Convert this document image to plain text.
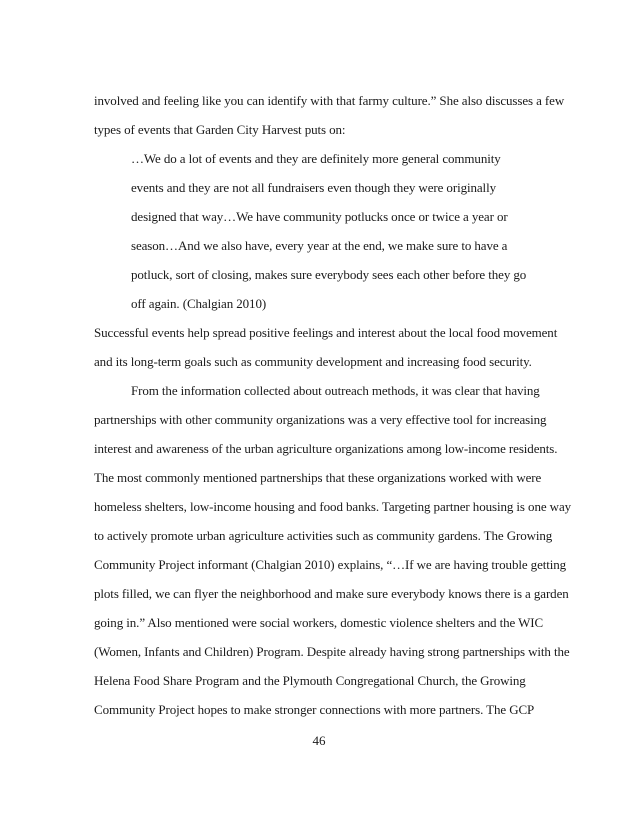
involved and feeling like you can identify with that farmy culture.” She also discusses a few
types of events that Garden City Harvest puts on:
…We do a lot of events and they are definitely more general community
events and they are not all fundraisers even though they were originally
designed that way…We have community potlucks once or twice a year or
season…And we also have, every year at the end, we make sure to have a
potluck, sort of closing, makes sure everybody sees each other before they go
off again. (Chalgian 2010)
Successful events help spread positive feelings and interest about the local food movement
and its long-term goals such as community development and increasing food security.
From the information collected about outreach methods, it was clear that having
partnerships with other community organizations was a very effective tool for increasing
interest and awareness of the urban agriculture organizations among low-income residents.
The most commonly mentioned partnerships that these organizations worked with were
homeless shelters, low-income housing and food banks. Targeting partner housing is one way
to actively promote urban agriculture activities such as community gardens. The Growing
Community Project informant (Chalgian 2010) explains, “…If we are having trouble getting
plots filled, we can flyer the neighborhood and make sure everybody knows there is a garden
going in.” Also mentioned were social workers, domestic violence shelters and the WIC
(Women, Infants and Children) Program. Despite already having strong partnerships with the
Helena Food Share Program and the Plymouth Congregational Church, the Growing
Community Project hopes to make stronger connections with more partners. The GCP
46
